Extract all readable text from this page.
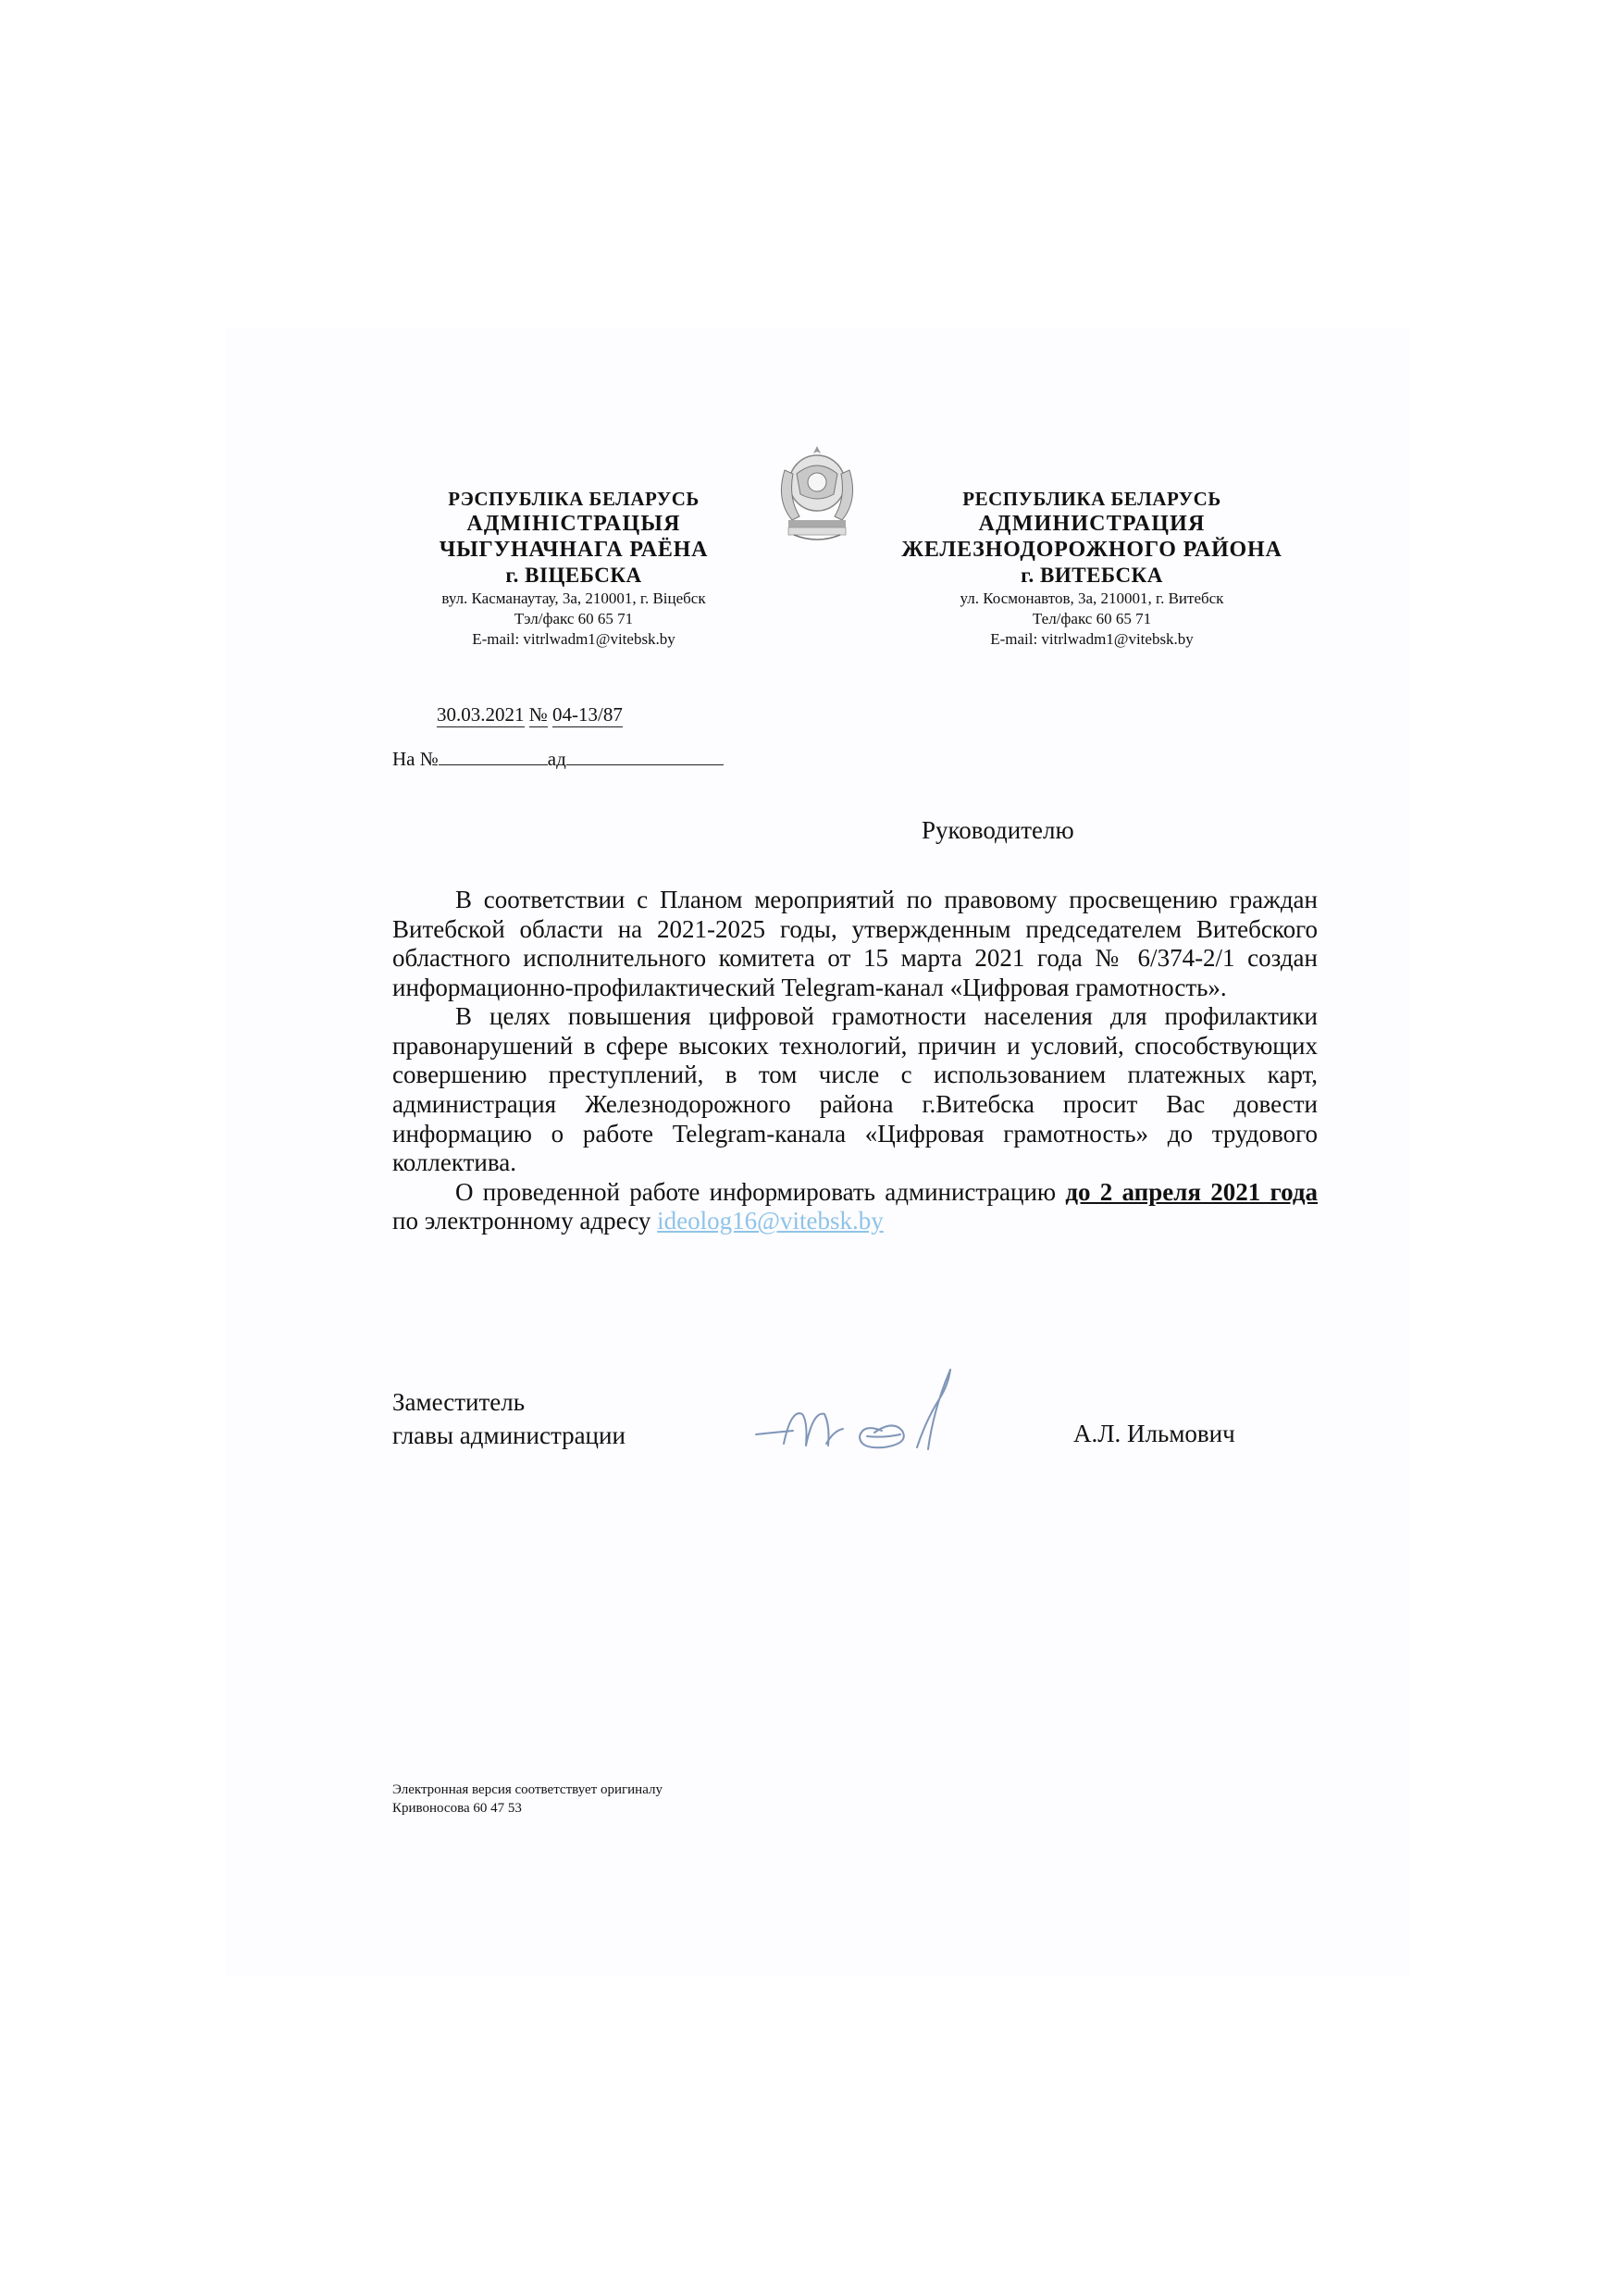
РЭСПУБЛІКА БЕЛАРУСЬ
АДМІНІСТРАЦЫЯ
ЧЫГУНАЧНАГА РАЁНА
г. ВІЦЕБСКА
вул. Касманаутау, 3а, 210001, г. Віцебск
Тэл/факс 60 65 71
E-mail: vitrlwadm1@vitebsk.by
РЕСПУБЛИКА БЕЛАРУСЬ
АДМИНИСТРАЦИЯ
ЖЕЛЕЗНОДОРОЖНОГО РАЙОНА
г. ВИТЕБСКА
ул. Космонавтов, 3а, 210001, г. Витебск
Тел/факс 60 65 71
E-mail: vitrlwadm1@vitebsk.by
30.03.2021 № 04-13/87
На №	ад
Руководителю

В соответствии с Планом мероприятий по правовому просвещению граждан Витебской области на 2021-2025 годы, утвержденным председателем Витебского областного исполнительного комитета от 15 марта 2021 года № 6/374-2/1 создан информационно-профилактический Telegram-канал «Цифровая грамотность».

В целях повышения цифровой грамотности населения для профилактики правонарушений в сфере высоких технологий, причин и условий, способствующих совершению преступлений, в том числе с использованием платежных карт, администрация Железнодорожного района г.Витебска просит Вас довести информацию о работе Telegram-канала «Цифровая грамотность» до трудового коллектива.

О проведенной работе информировать администрацию до 2 апреля 2021 года по электронному адресу ideolog16@vitebsk.by

Заместитель
главы администрации	А.Л. Ильмович
Электронная версия соответствует оригиналу
Кривоносова 60 47 53
